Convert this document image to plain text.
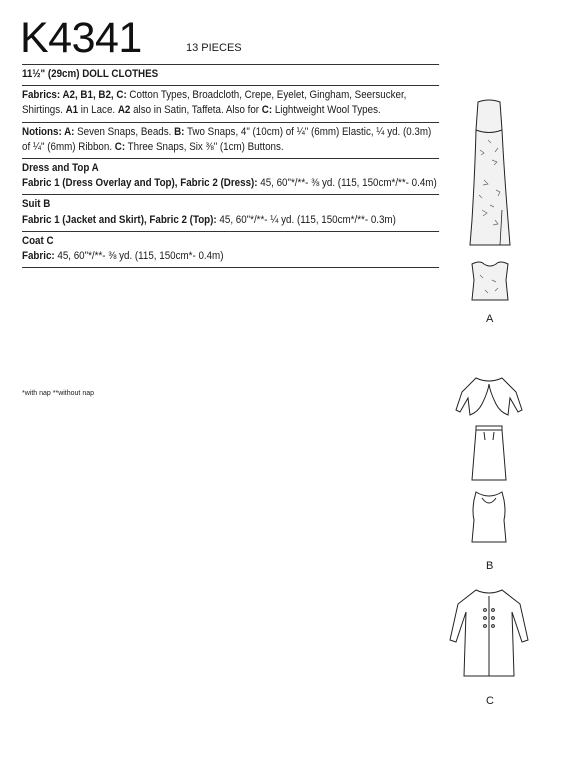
K4341	13 PIECES
11½" (29cm) DOLL CLOTHES
Fabrics: A2, B1, B2, C: Cotton Types, Broadcloth, Crepe, Eyelet, Gingham, Seersucker, Shirtings. A1 in Lace. A2 also in Satin, Taffeta. Also for C: Lightweight Wool Types.
Notions: A: Seven Snaps, Beads. B: Two Snaps, 4" (10cm) of ¼" (6mm) Elastic, ¼ yd. (0.3m) of ¼" (6mm) Ribbon. C: Three Snaps, Six ⅜" (1cm) Buttons.
Dress and Top A
Fabric 1 (Dress Overlay and Top), Fabric 2 (Dress): 45, 60"*/**- ⅜ yd. (115, 150cm*/**- 0.4m)
Suit B
Fabric 1 (Jacket and Skirt), Fabric 2 (Top): 45, 60"*/**- ¼ yd. (115, 150cm*/**- 0.3m)
Coat C
Fabric: 45, 60"*/**- ⅜ yd. (115, 150cm*- 0.4m)
*with nap **without nap
A
B
C
